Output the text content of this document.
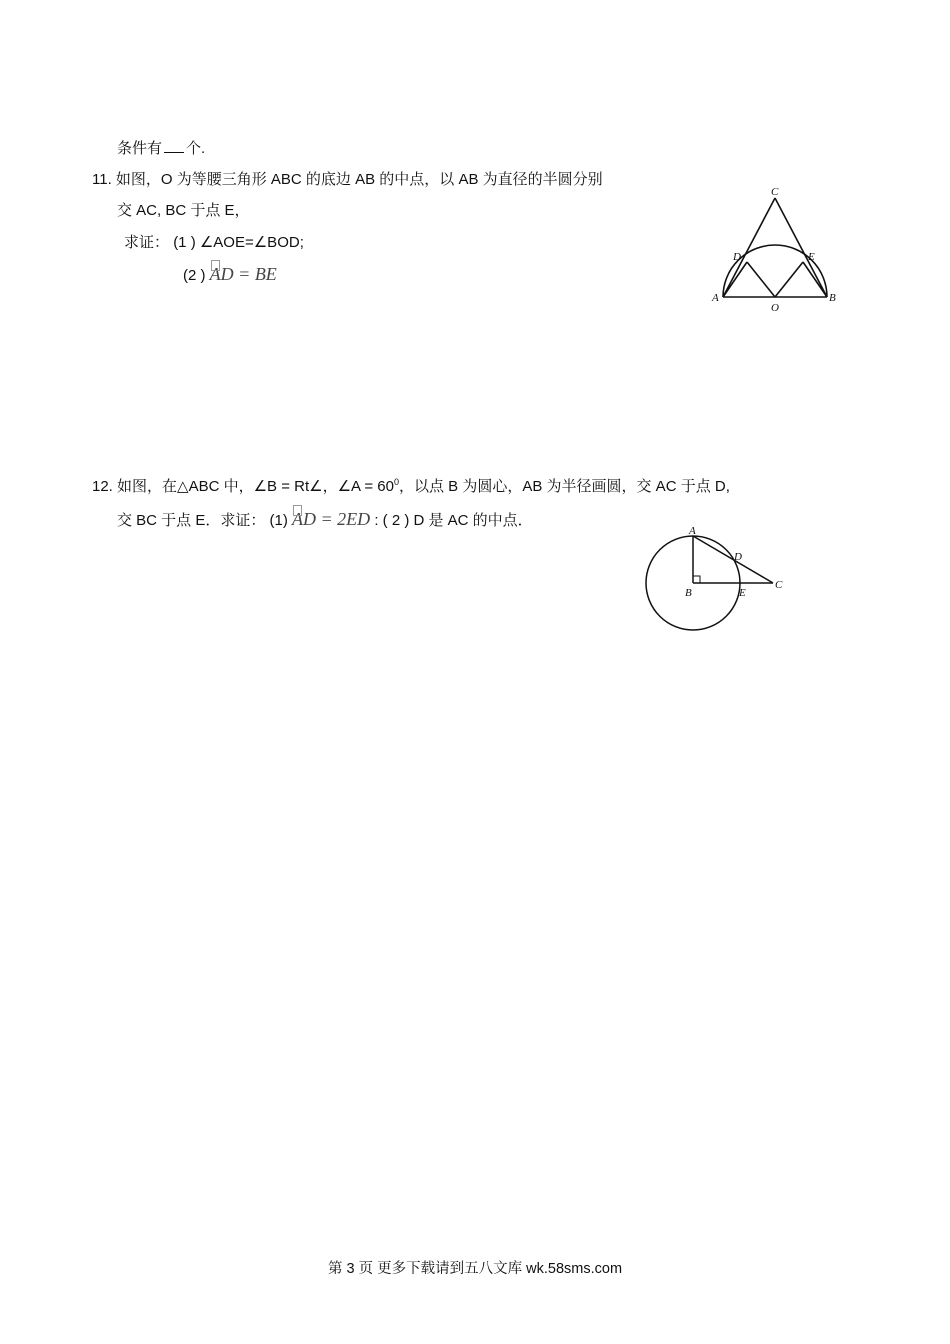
条件有 个.
11. 如图，O 为等腰三角形 ABC 的底边 AB 的中点，以 AB 为直径的半圆分别
交 AC, BC 于点 E，
求证： (1 ) ∠AOE=∠BOD;
(2 ) AD = BE
C
D	E
A	B
O
12. 如图，在△ABC 中，∠B = Rt∠，∠A = $60^0$，以点 B 为圆心，AB 为半径画圆，交 AC 于点 D,
交 BC 于点 E．求证： (1) AD = 2ED : ( 2 ) D 是 AC 的中点．
A
D
C
B	E
第 3 页 更多下载请到五八文库 wk.58sms.com
